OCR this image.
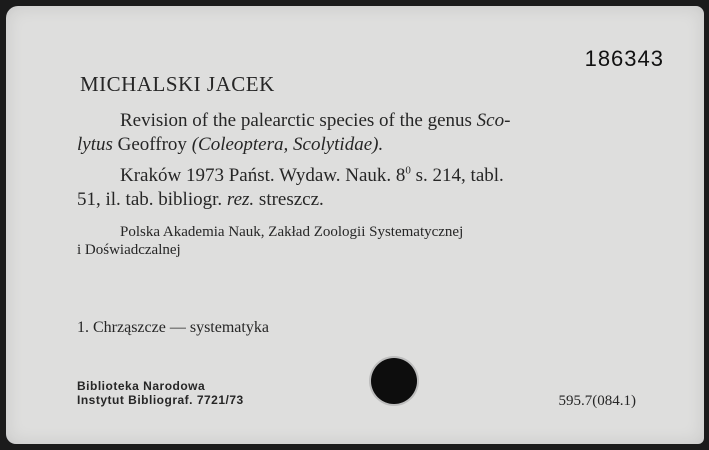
186343
MICHALSKI JACEK
Revision of the palearctic species of the genus Sco-
lytus Geoffroy (Coleoptera, Scolytidae).
Kraków 1973 Państ. Wydaw. Nauk. $8^0$ s. 214, tabl.
51, il. tab. bibliogr. rez. streszcz.
Polska Akademia Nauk, Zakład Zoologii Systematycznej
i Doświadczalnej
1. Chrząszcze — systematyka
Biblioteka Narodowa
Instytut Bibliograf. 7721/73	595.7(084.1)
